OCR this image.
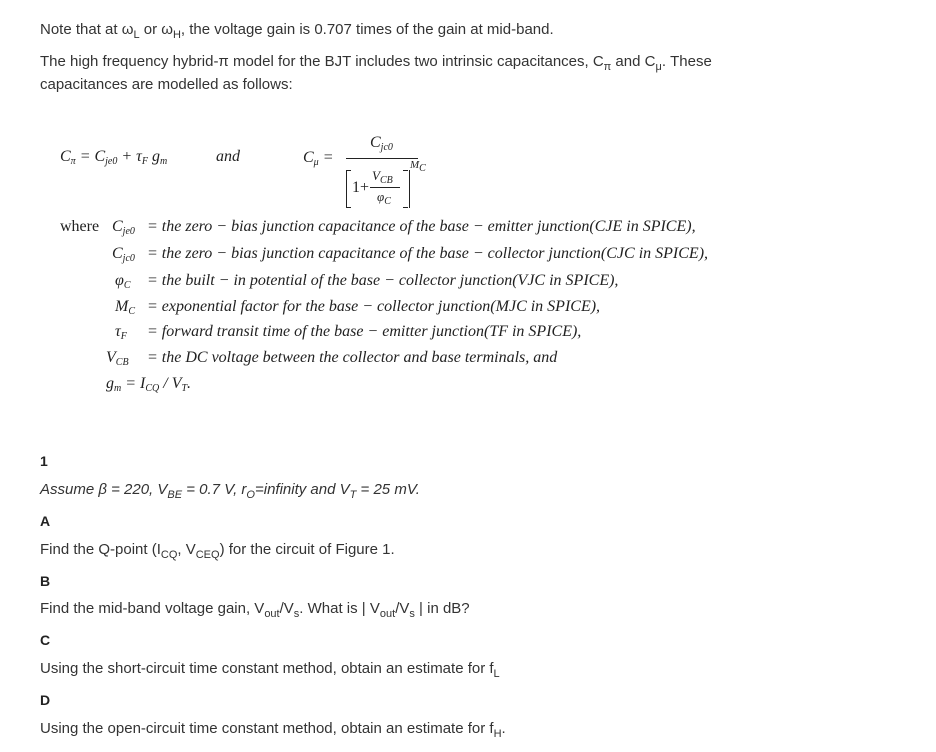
Note that at $\omega_L$ or $\omega_H$, the voltage gain is 0.707 times of the gain at mid-band.
The high frequency hybrid-π model for the BJT includes two intrinsic capacitances, $C_\pi$ and $C_\mu$. These
capacitances are modelled as follows:
$C_\pi = C_{je0} + \tau_F$ $g_m$	and	$C_\mu$ =
$C_{jc0}$
1+
$V_{CB}$
$\varphi_C$
MC
where $C_{je0}$ = the zero − bias junction capacitance of the base − emitter junction(CJE in SPICE),
$C_{jc0}$ = the zero − bias junction capacitance of the base − collector junction(CJC in SPICE),
$\varphi_C$ = the built − in potential of the base − collector junction(VJC in SPICE),
$M_C$ = exponential factor for the base − collector junction(MJC in SPICE),
$\tau_F$ = forward transit time of the base − emitter junction(TF in SPICE),
$V_{CB}$ = the DC voltage between the collector and base terminals, and
$g_m = I_{CQ} / V_T$.
1
Assume β = 220, $V_{BE} = 0.7$ V, $r_O=infinity$ and $V_T = 25$ mV.
A
Find the Q-point ($I_{CQ}$, $V_{CEQ}$) for the circuit of Figure 1.
B
Find the mid-band voltage gain, $V_{out}/V_s$. What is | $V_{out}/V_s$ | in dB?
C
Using the short-circuit time constant method, obtain an estimate for $f_L$
D
Using the open-circuit time constant method, obtain an estimate for $f_H$.
